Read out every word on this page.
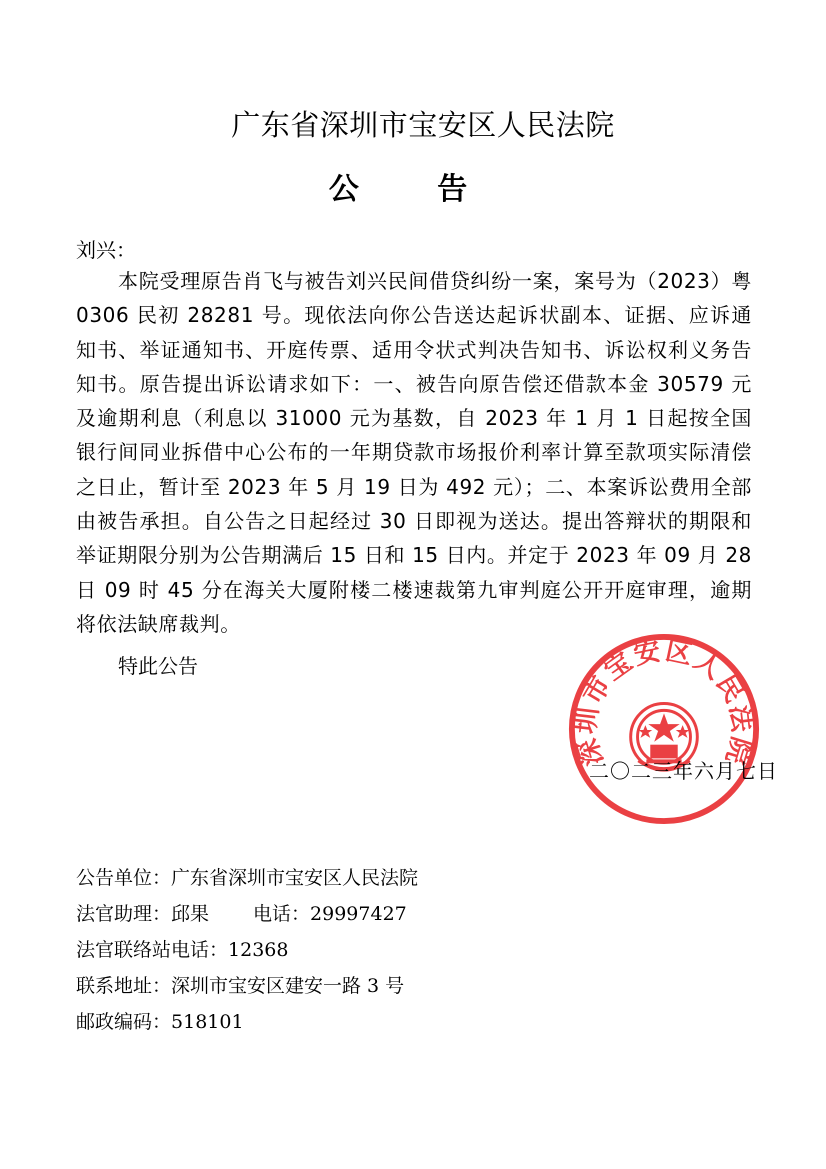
广东省深圳市宝安区人民法院
公 告
刘兴：
本院受理原告肖飞与被告刘兴民间借贷纠纷一案，案号为（2023）粤 0306 民初 28281 号。现依法向你公告送达起诉状副本、证据、应诉通知书、举证通知书、开庭传票、适用令状式判决告知书、诉讼权利义务告知书。原告提出诉讼请求如下：一、被告向原告偿还借款本金 30579 元及逾期利息（利息以 31000 元为基数，自 2023 年 1 月 1 日起按全国银行间同业拆借中心公布的一年期贷款市场报价利率计算至款项实际清偿之日止，暂计至 2023 年 5 月 19 日为 492 元）；二、本案诉讼费用全部由被告承担。自公告之日起经过 30 日即视为送达。提出答辩状的期限和举证期限分别为公告期满后 15 日和 15 日内。并定于 2023 年 09 月 28 日 09 时 45 分在海关大厦附楼二楼速裁第九审判庭公开开庭审理，逾期将依法缺席裁判。
特此公告
深圳市宝安区人民法院
二〇二三年六月七日
公告单位：广东省深圳市宝安区人民法院
法官助理：邱果 电话：29997427
法官联络站电话：12368
联系地址：深圳市宝安区建安一路 3 号
邮政编码：518101
